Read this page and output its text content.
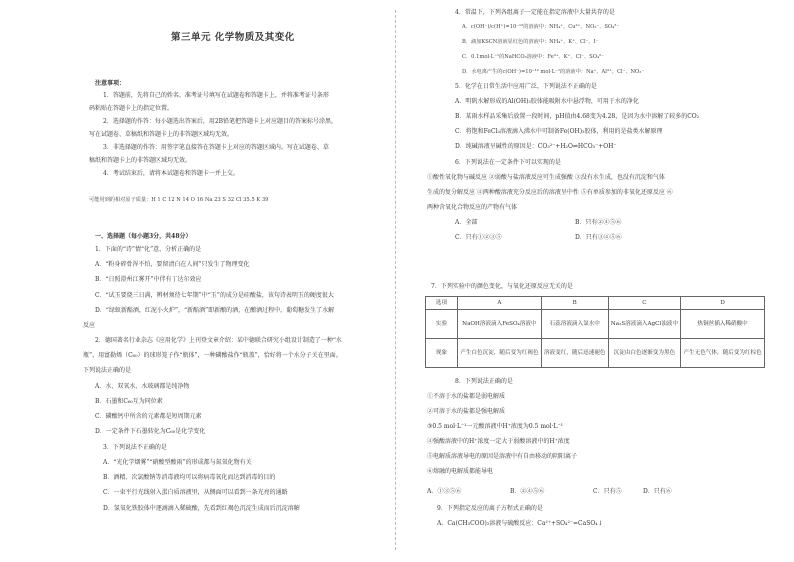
第三单元 化学物质及其变化
注意事项：
1．答题前，先将自己的姓名、准考证号填写在试题卷和答题卡上，并将准考证号条形
码粘贴在答题卡上的指定位置。
2．选择题的作答：每小题选出答案后，用2B铅笔把答题卡上对应题目的答案标号涂黑，
写在试题卷、草稿纸和答题卡上的非答题区域均无效。
3．非选择题的作答：用签字笔直接答在答题卡上对应的答题区域内。写在试题卷、草
稿纸和答题卡上的非答题区域均无效。
4．考试结束后，请将本试题卷和答题卡一并上交。
可能用到的相对原子质量：H 1 C 12 N 14 O 16 Na 23 S 32 Cl 35.5 K 39
一、选择题（每小题3分，共48分）
1．下面的“诗”情“化”意，分析正确的是
A．“粉身碎骨浑不怕，要留清白在人间”只发生了物理变化
B．“日照澄州江雾开”中伴有丁达尔效应
C．“试玉要烧三日满，辨材须待七年期”中“玉”的成分是硅酸盐，该句诗表明玉的硬度很大
D．“绿蚁新醅酒，红泥小火炉”，“新醅酒”即新酿的酒，在酿酒过程中，葡萄糖发生了水解
反应
2．德国著名行业杂志《应用化学》上刊登文章介绍：某中德联合研究小组设计制造了一种“水
瓶”，用富勒烯（C₆₀）的球形笼子作“瓶体”，一种磷酸盐作“瓶盖”，恰好将一个水分子关在里面。
下列说法正确的是
A．水、双氧水、水玻璃都是纯净物
B．石墨和C₆₀互为同位素
C．磷酸钙中所含的元素都是短周期元素
D．一定条件下石墨转化为C₆₀是化学变化
3．下列说法不正确的是
A．“光化学烟雾”“硝酸型酸雨”的形成都与氮氧化物有关
B．酒精、次氯酸钠等消毒液均可以将病毒氧化而达到消毒的目的
C．一束平行光线射入蛋白质溶液里，从侧面可以看到一条光亮的通路
D．氢氧化铁胶体中逐滴滴入稀硫酸，先看到红褐色沉淀生成而后沉淀溶解
4．常温下，下列各组离子一定能在指定溶液中大量共存的是
A．c(OH⁻)/c(H⁺)=10⁻¹²的溶液中：NH₄⁺、Cu²⁺、NO₃⁻、SO₄²⁻
B．滴加KSCN溶液显红色的溶液中：NH₄⁺、K⁺、Cl⁻、I⁻
C．0.1mol·L⁻¹的NaHCO₃溶液中：Fe³⁺、K⁺、Cl⁻、SO₄²⁻
D．水电离产生的c(OH⁻)=10⁻¹² mol·L⁻¹的溶液中：Na⁺、Al³⁺、Cl⁻、NO₃⁻
5．化学在日常生活中应用广泛，下列说法不正确的是
A．明矾水解形成的Al(OH)₃胶体能吸附水中悬浮物，可用于水的净化
B．某雨水样品采集后放置一段时间，pH值由4.68变为4.28，是因为水中溶解了较多的CO₂
C．将饱和FeCl₃溶液滴入沸水中可制备Fe(OH)₃胶体，利用的是盐类水解原理
D．纯碱溶液呈碱性的原因是：CO₃²⁻+H₂O⇌HCO₃⁻+OH⁻
6．下列说法在一定条件下可以实现的是
①酸性氧化物与碱反应 ②弱酸与盐溶液反应可生成强酸 ③没有水生成，也没有沉淀和气体
生成的复分解反应 ④两种酸溶液充分反应后的溶液呈中性 ⑤有单质参加的非氧化还原反应 ⑥
两种含氧化合物反应的产物有气体
A．全部	B．只有②④⑤⑥
C．只有①②③⑤	D．只有③④⑤⑥
7．下列实验中的颜色变化，与氧化还原反应无关的是
选项	A	B	C	D
实验	NaOH溶液滴入FeSO₄溶液中	石蕊溶液滴入氯水中	Na₂S溶液滴入AgCl浊液中	热铜丝插入稀硝酸中
现象	产生白色沉淀，随后变为红褐色	溶液变红，随后迅速褪色	沉淀由白色逐渐变为黑色	产生无色气体，随后变为红棕色
8．下列说法正确的是
①不溶于水的盐都是弱电解质
②可溶于水的盐都是强电解质
③0.5 mol·L⁻¹一元酸溶液中H⁺浓度为0.5 mol·L⁻¹
④强酸溶液中的H⁺浓度一定大于弱酸溶液中的H⁺浓度
⑤电解质溶液导电的原因是溶液中有自由移动的阴阳离子
⑥熔融的电解质都能导电
A．①③⑤⑥	B．②④⑤⑥	C．只有⑤	D．只有⑥
9．下列指定反应的离子方程式正确的是
A．Ca(CH₃COO)₂溶液与硫酸反应：Ca²⁺+SO₄²⁻=CaSO₄↓
